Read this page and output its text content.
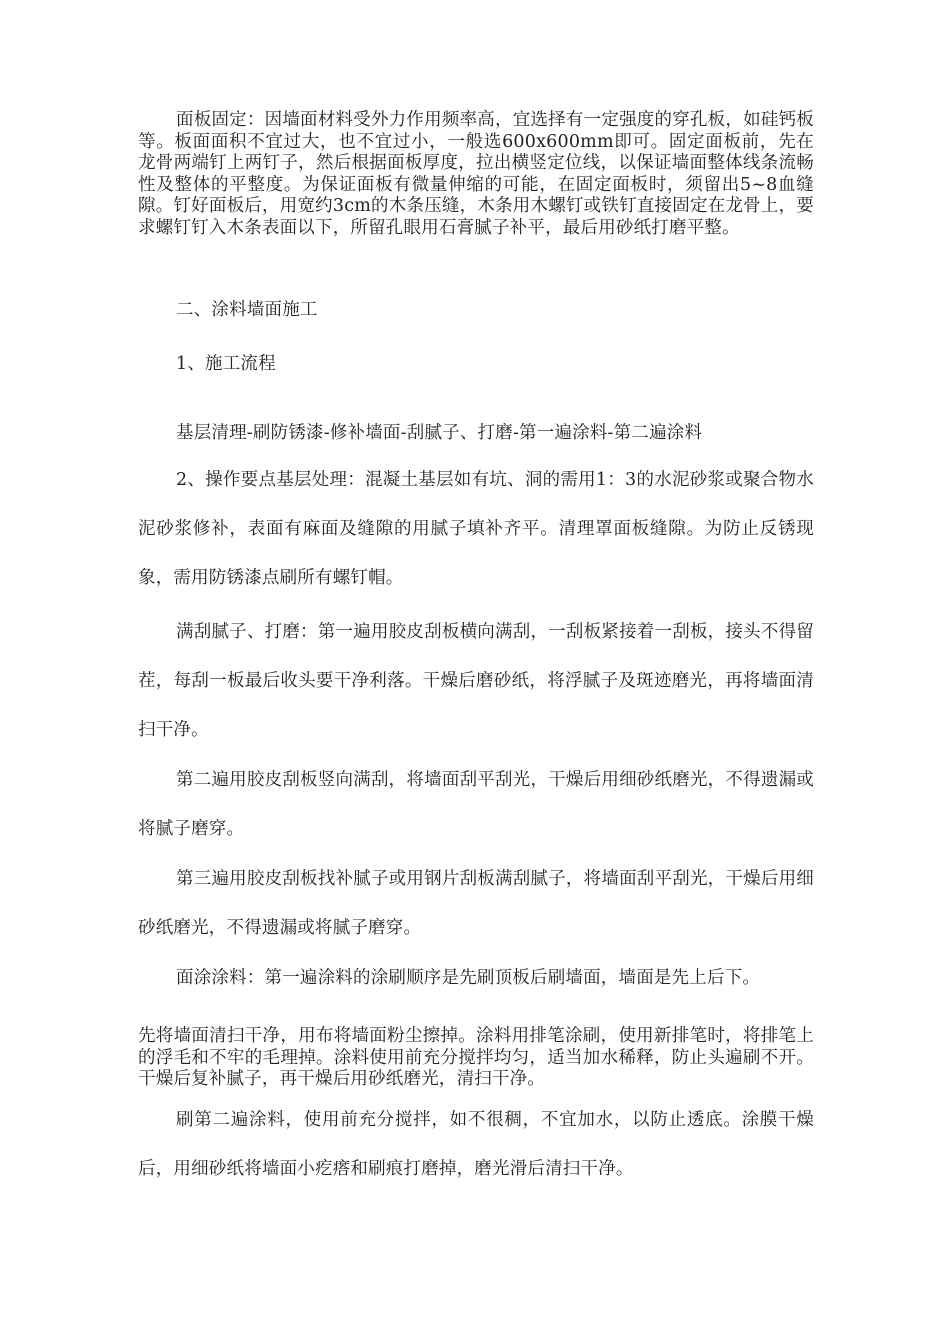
面板固定：因墙面材料受外力作用频率高，宜选择有一定强度的穿孔板，如硅钙板等。板面面积不宜过大，也不宜过小，一般选600x600mm即可。固定面板前，先在龙骨两端钉上两钉子，然后根据面板厚度，拉出横竖定位线，以保证墙面整体线条流畅性及整体的平整度。为保证面板有微量伸缩的可能，在固定面板时，须留出5~8血缝隙。钉好面板后，用宽约3cm的木条压缝，木条用木螺钉或铁钉直接固定在龙骨上，要求螺钉钉入木条表面以下，所留孔眼用石膏腻子补平，最后用砂纸打磨平整。

二、涂料墙面施工

1、施工流程

基层清理-刷防锈漆-修补墙面-刮腻子、打磨-第一遍涂料-第二遍涂料

2、操作要点基层处理：混凝土基层如有坑、洞的需用1：3的水泥砂浆或聚合物水泥砂浆修补，表面有麻面及缝隙的用腻子填补齐平。清理罩面板缝隙。为防止反锈现象，需用防锈漆点刷所有螺钉帽。

满刮腻子、打磨：第一遍用胶皮刮板横向满刮，一刮板紧接着一刮板，接头不得留茬，每刮一板最后收头要干净利落。干燥后磨砂纸，将浮腻子及斑迹磨光，再将墙面清扫干净。

第二遍用胶皮刮板竖向满刮，将墙面刮平刮光，干燥后用细砂纸磨光，不得遗漏或将腻子磨穿。

第三遍用胶皮刮板找补腻子或用钢片刮板满刮腻子，将墙面刮平刮光，干燥后用细砂纸磨光，不得遗漏或将腻子磨穿。

面涂涂料：第一遍涂料的涂刷顺序是先刷顶板后刷墙面，墙面是先上后下。

先将墙面清扫干净，用布将墙面粉尘擦掉。涂料用排笔涂刷，使用新排笔时，将排笔上的浮毛和不牢的毛理掉。涂料使用前充分搅拌均匀，适当加水稀释，防止头遍刷不开。干燥后复补腻子，再干燥后用砂纸磨光，清扫干净。

刷第二遍涂料，使用前充分搅拌，如不很稠，不宜加水，以防止透底。涂膜干燥后，用细砂纸将墙面小疙瘩和刷痕打磨掉，磨光滑后清扫干净。
